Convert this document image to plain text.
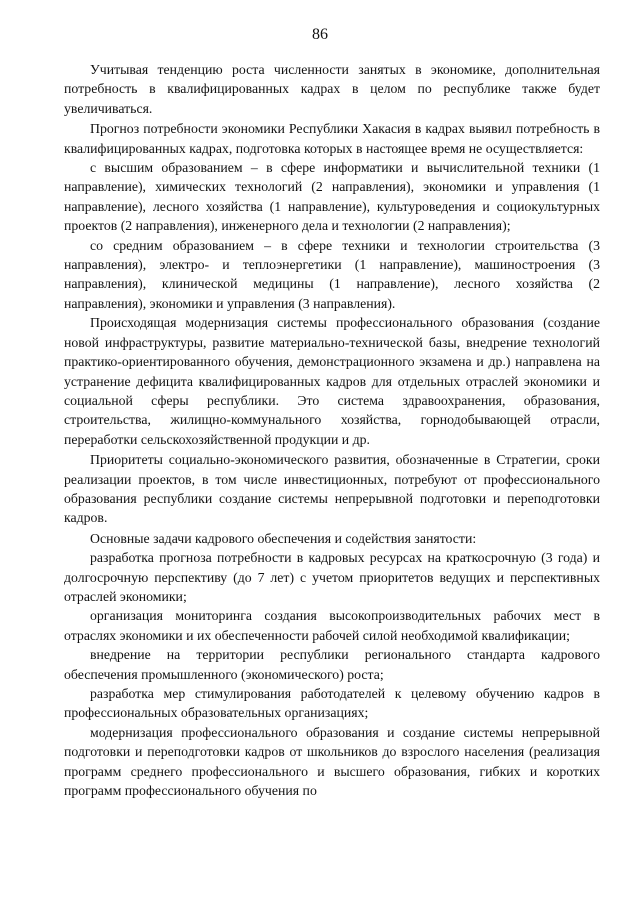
86

Учитывая тенденцию роста численности занятых в экономике, дополнительная потребность в квалифицированных кадрах в целом по республике также будет увеличиваться.

Прогноз потребности экономики Республики Хакасия в кадрах выявил потребность в квалифицированных кадрах, подготовка которых в настоящее время не осуществляется:

с высшим образованием – в сфере информатики и вычислительной техники (1 направление), химических технологий (2 направления), экономики и управления (1 направление), лесного хозяйства (1 направление), культуроведения и социокультурных проектов (2 направления), инженерного дела и технологии (2 направления);

со средним образованием – в сфере техники и технологии строительства (3 направления), электро- и теплоэнергетики (1 направление), машиностроения (3 направления), клинической медицины (1 направление), лесного хозяйства (2 направления), экономики и управления (3 направления).

Происходящая модернизация системы профессионального образования (создание новой инфраструктуры, развитие материально-технической базы, внедрение технологий практико-ориентированного обучения, демонстрационного экзамена и др.) направлена на устранение дефицита квалифицированных кадров для отдельных отраслей экономики и социальной сферы республики. Это система здравоохранения, образования, строительства, жилищно-коммунального хозяйства, горнодобывающей отрасли, переработки сельскохозяйственной продукции и др.

Приоритеты социально-экономического развития, обозначенные в Стратегии, сроки реализации проектов, в том числе инвестиционных, потребуют от профессионального образования республики создание системы непрерывной подготовки и переподготовки кадров.

Основные задачи кадрового обеспечения и содействия занятости:

разработка прогноза потребности в кадровых ресурсах на краткосрочную (3 года) и долгосрочную перспективу (до 7 лет) с учетом приоритетов ведущих и перспективных отраслей экономики;

организация мониторинга создания высокопроизводительных рабочих мест в отраслях экономики и их обеспеченности рабочей силой необходимой квалификации;

внедрение на территории республики регионального стандарта кадрового обеспечения промышленного (экономического) роста;

разработка мер стимулирования работодателей к целевому обучению кадров в профессиональных образовательных организациях;

модернизация профессионального образования и создание системы непрерывной подготовки и переподготовки кадров от школьников до взрослого населения (реализация программ среднего профессионального и высшего образования, гибких и коротких программ профессионального обучения по
